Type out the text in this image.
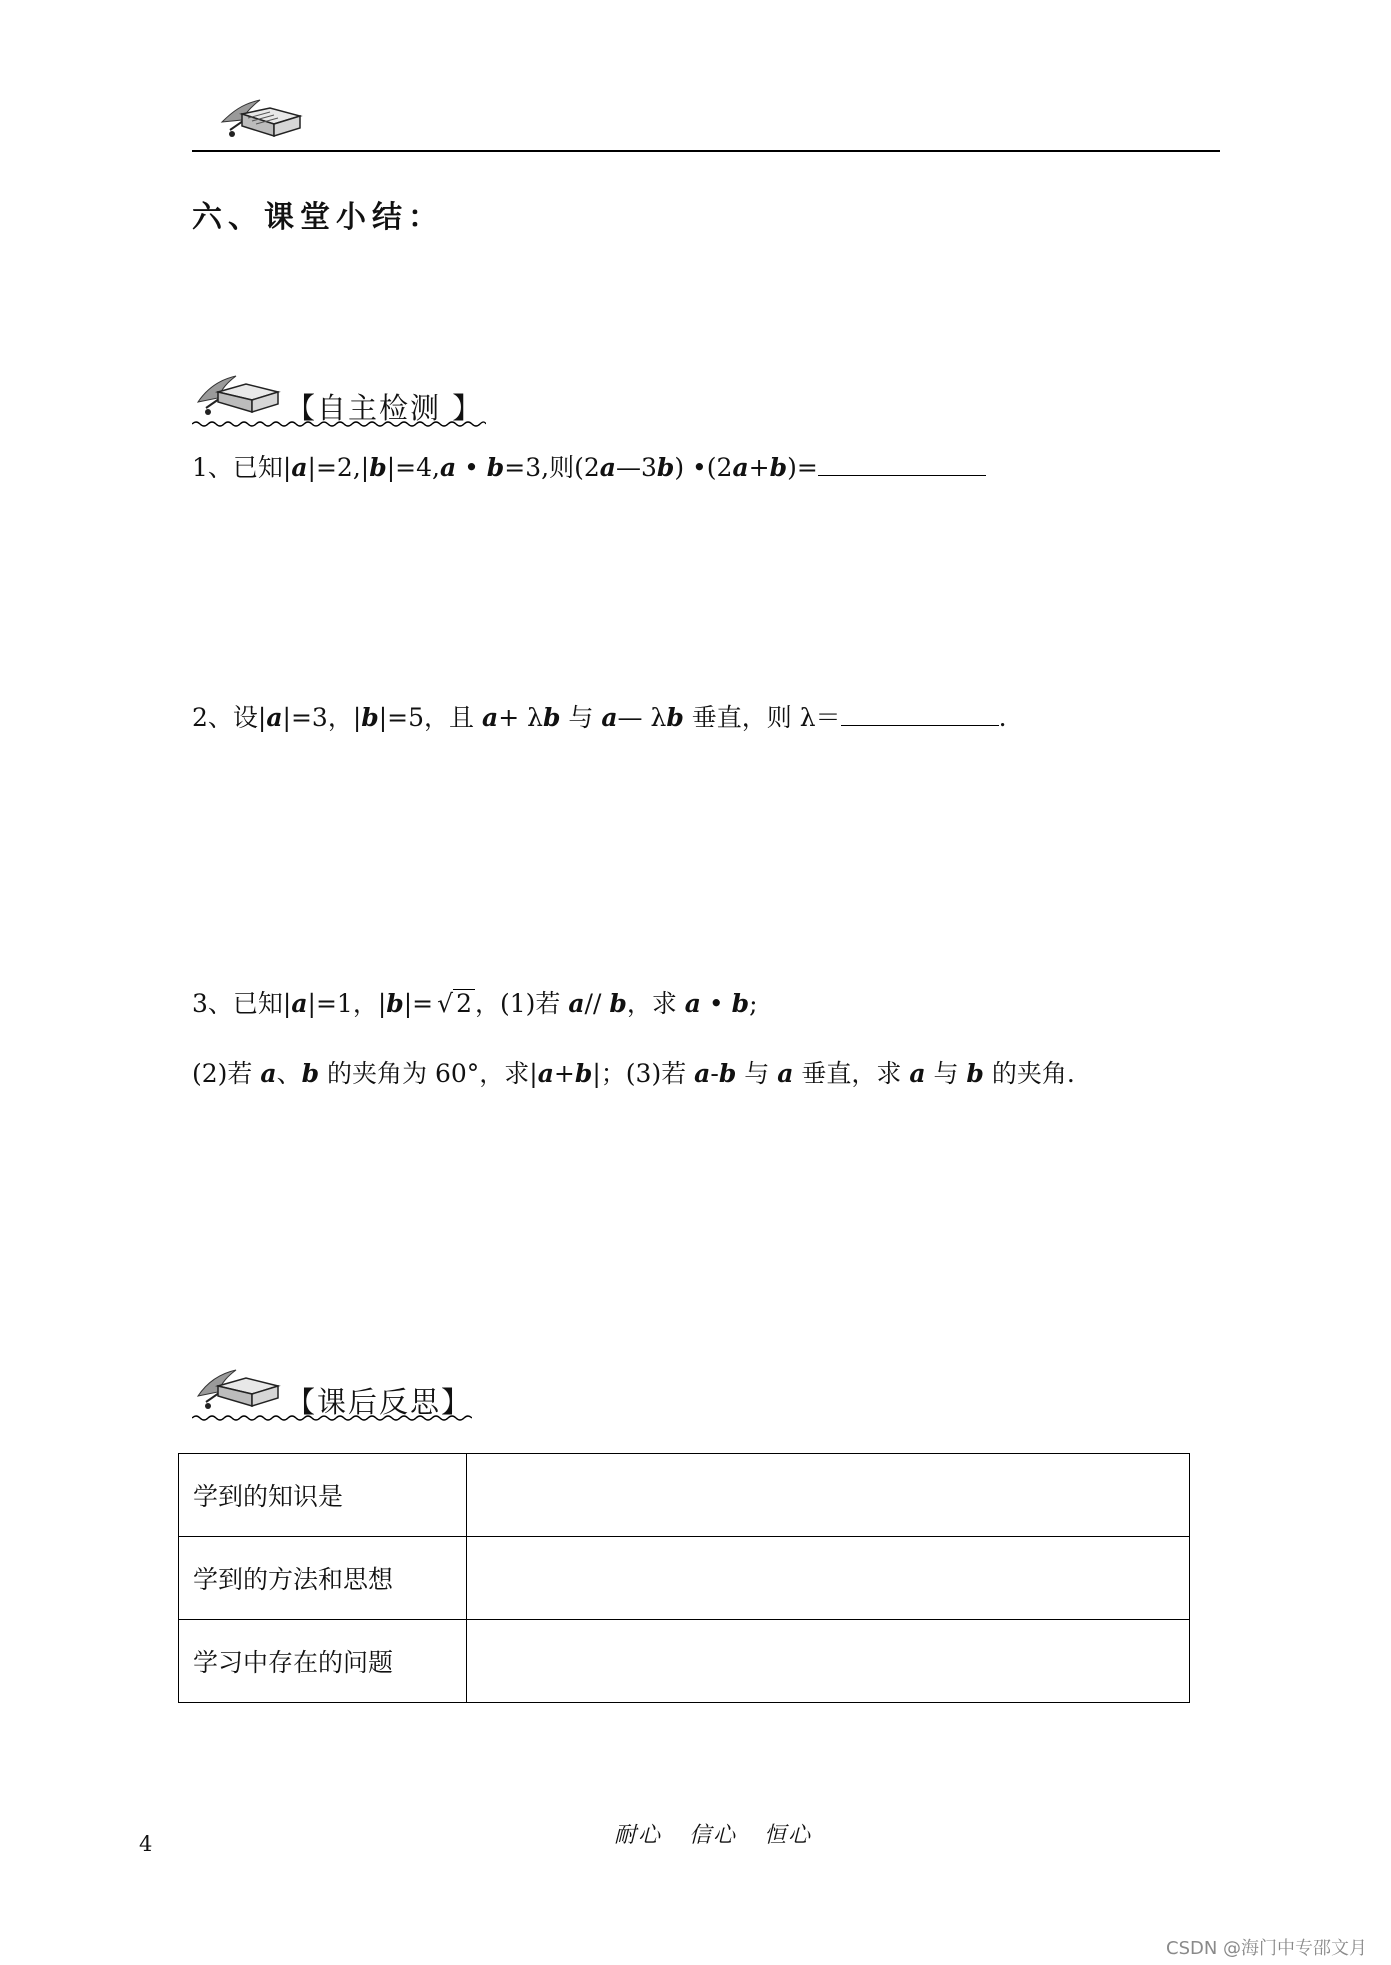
六、课堂小结：
【自主检测 】
1、已知|a|=2,|b|=4,a • b=3,则(2a—3b) •(2a+b)=
2、设|a|=3，|b|=5，且 a+ λb 与 a— λb 垂直，则 λ＝	.
3、已知|a|=1，|b|= √ 2 ，(1)若 a// b，求 a • b;
(2)若 a、b 的夹角为 60°，求|a+b|；(3)若 a-b 与 a 垂直，求 a 与 b 的夹角.
【课后反思】
学到的知识是	
学到的方法和思想	
学习中存在的问题	
4	耐心 信心 恒心
CSDN @海门中专邵文月
